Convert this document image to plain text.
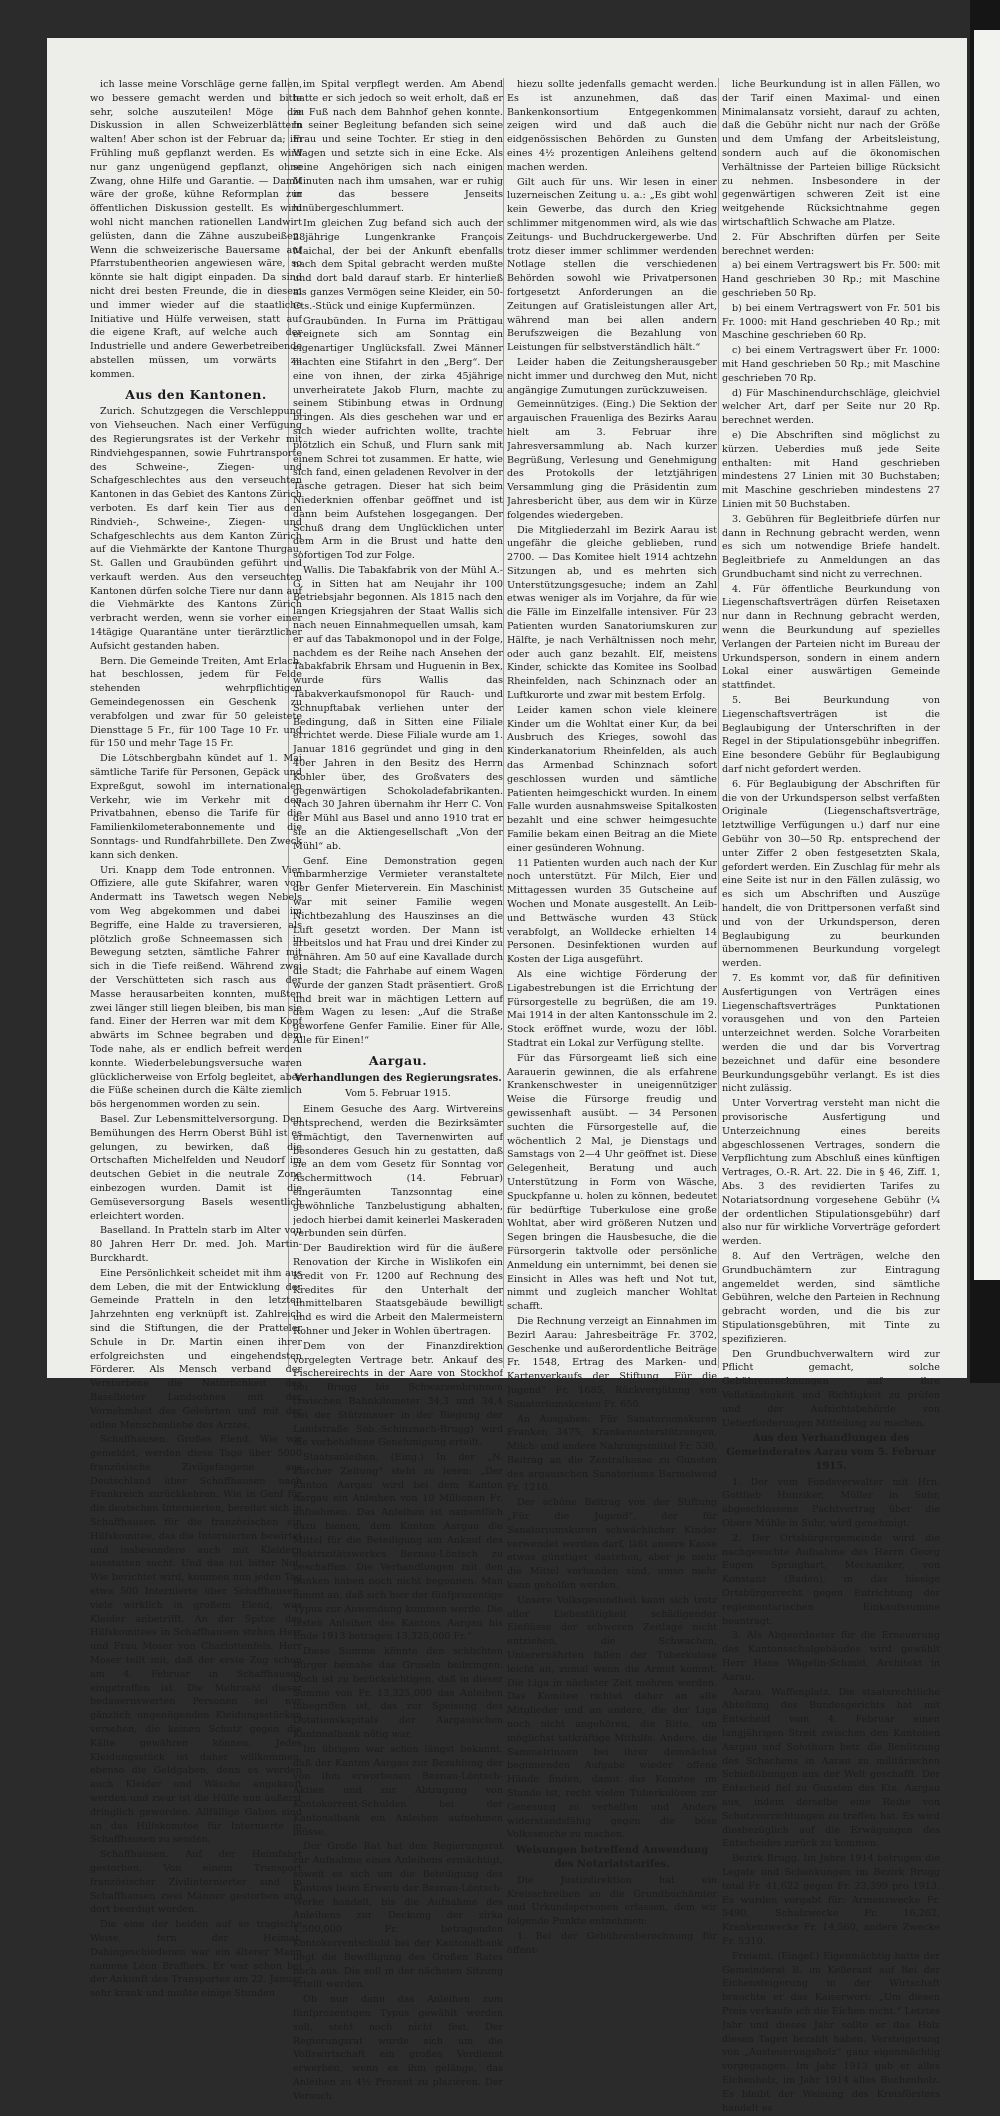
ich lasse meine Vorschläge gerne fallen, wo bessere gemacht werden und bitte sehr, solche auszuteilen! Möge die Diskussion in allen Schweizerblättern walten! Aber schon ist der Februar da; im Frühling muß gepflanzt werden. Es wird nur ganz ungenügend gepflanzt, ohne Zwang, ohne Hilfe und Garantie. — Damit wäre der große, kühne Reformplan zur öffentlichen Diskussion gestellt. Es wird wohl nicht manchen rationellen Landwirt gelüsten, dann die Zähne auszubeißen. Wenn die schweizerische Bauersame auf Pfarrstubentheorien angewiesen wäre, so könnte sie halt digipt einpaden. Da sind nicht drei besten Freunde, die in diesem und immer wieder auf die staatliche Initiative und Hülfe verweisen, statt auf die eigene Kraft, auf welche auch der Industrielle und andere Gewerbetreibende abstellen müssen, um vorwärts zu kommen.

Aus den Kantonen.

Zurich. Schutzgegen die Verschleppung von Viehseuchen. Nach einer Verfügung des Regierungsrates ist der Verkehr mit Rindviehgespannen, sowie Fuhrtransporte des Schweine-, Ziegen- und Schafgeschlechtes aus den verseuchten Kantonen in das Gebiet des Kantons Zürich verboten. Es darf kein Tier aus den Rindvieh-, Schweine-, Ziegen- und Schafgeschlechts aus dem Kanton Zürich auf die Viehmärkte der Kantone Thurgau, St. Gallen und Graubünden geführt und verkauft werden. Aus den verseuchten Kantonen dürfen solche Tiere nur dann auf die Viehmärkte des Kantons Zürich verbracht werden, wenn sie vorher einer 14tägige Quarantäne unter tierärztlicher Aufsicht gestanden haben.

Bern. Die Gemeinde Treiten, Amt Erlach, hat beschlossen, jedem für Felde stehenden wehrpflichtigen Gemeindegenossen ein Geschenk zu verabfolgen und zwar für 50 geleistete Diensttage 5 Fr., für 100 Tage 10 Fr. und für 150 und mehr Tage 15 Fr.

Die Lötschbergbahn kündet auf 1. Mai sämtliche Tarife für Personen, Gepäck und Expreßgut, sowohl im internationalen Verkehr, wie im Verkehr mit den Privatbahnen, ebenso die Tarife für die Familienkilometerabonnemente und die Sonntags- und Rundfahrbillete. Den Zweck kann sich denken.

Uri. Knapp dem Tode entronnen. Vier Offiziere, alle gute Skifahrer, waren von Andermatt ins Tawetsch wegen Nebels vom Weg abgekommen und dabei im Begriffe, eine Halde zu traversieren, als plötzlich große Schneemassen sich in Bewegung setzten, sämtliche Fahrer mit sich in die Tiefe reißend. Während zwei der Verschütteten sich rasch aus der Masse herausarbeiten konnten, mußten zwei länger still liegen bleiben, bis man sie fand. Einer der Herren war mit dem Kopf abwärts im Schnee begraben und dem Tode nahe, als er endlich befreit werden konnte. Wiederbelebungsversuche waren glücklicherweise von Erfolg begleitet, aber die Füße scheinen durch die Kälte ziemlich bös hergenommen worden zu sein.

Basel. Zur Lebensmittelversorgung. Den Bemühungen des Herrn Oberst Bühl ist es gelungen, zu bewirken, daß die Ortschaften Michelfelden und Neudorf im deutschen Gebiet in die neutrale Zone einbezogen wurden. Damit ist die Gemüseversorgung Basels wesentlich erleichtert worden.

Baselland. In Pratteln starb im Alter von 80 Jahren Herr Dr. med. Joh. Martin-Burckhardt.

Eine Persönlichkeit scheidet mit ihm aus dem Leben, die mit der Entwicklung der Gemeinde Pratteln in den letzten Jahrzehnten eng verknüpft ist. Zahlreich sind die Stiftungen, die der Pratteler Schule in Dr. Martin einen ihrer erfolgreichsten und eingehendsten Förderer. Als Mensch verband der Verstorbene die Natürlichkeit des Baselbieter Landsohnes mit der Vornehmheit des Gelehrten und mit der edlen Menschenliebe des Arztes.

Schaffhausen. Großes Elend. Wie wir gemeldet, werden diese Tage über 5000 französische Zivilgefangene aus Deutschland über Schaffhausen nach Frankreich zurückkehren. Wie in Genf für die deutschen Internierten, bereitet sich in Schaffhausen für die französischen ein Hilfskomitee, das die Internierten bewirtet und insbesondere auch mit Kleidern ausstatten sucht. Und das tut bitter Not. Wie berichtet wird, kommen nun jeden Tag etwa 500 Internierte über Schaffhausen, viele wirklich in großem Elend, was Kleider anbetrifft. An der Spitze des Hilfskomitees in Schaffhausen stehen Herr und Frau Moser von Charlottenfels. Herr Moser teilt mit, daß der erste Zug schon am 4. Februar in Schaffhausen eingetroffen ist. Die Mehrzahl dieser bedauernswerten Personen sei nur gänzlich ungenügenden Kleidungsstücken versehen, die keinen Schutz gegen die Kälte gewähren können. Jedes Kleidungsstück ist daher willkommen, ebenso die Geldgaben, denn es werden auch Kleider und Wäsche angekauft werden und zwar ist die Hülfe nun äußerst dringlich geworden. Allfällige Gaben sind an das Hilfskomitee für Internierte in Schaffhausen zu senden.

Schaffhausen. Auf der Heimfahrt gestorben. Von einem Transport französischer Zivilinternierter sind in Schaffhausen zwei Männer gestorben und dort beerdigt worden.

Die eine der beiden auf so tragische Weise, fern der Heimat, Dahingeschiedenen war ein älterer Mann namens Léon Braffiers. Er war schon bei der Ankunft des Transportes am 22. Januar sehr krank und mußte einige Stunden

im Spital verpflegt werden. Am Abend hatte er sich jedoch so weit erholt, daß er zu Fuß nach dem Bahnhof gehen konnte. In seiner Begleitung befanden sich seine Frau und seine Tochter. Er stieg in den Wagen und setzte sich in eine Ecke. Als seine Angehörigen sich nach einigen Minuten nach ihm umsahen, war er ruhig in das bessere Jenseits hinübergeschlummert.

Im gleichen Zug befand sich auch der 28jährige Lungenkranke François Maichal, der bei der Ankunft ebenfalls nach dem Spital gebracht werden mußte und dort bald darauf starb. Er hinterließ als ganzes Vermögen seine Kleider, ein 50-Cts.-Stück und einige Kupfermünzen.

Graubünden. In Furna im Prättigau ereignete sich am Sonntag ein eigenartiger Unglücksfall. Zwei Männer machten eine Stifahrt in den „Berg“. Der eine von ihnen, der zirka 45jährige unverheiratete Jakob Flurn, machte zu seinem Stibinbung etwas in Ordnung bringen. Als dies geschehen war und er sich wieder aufrichten wollte, trachte plötzlich ein Schuß, und Flurn sank mit einem Schrei tot zusammen. Er hatte, wie sich fand, einen geladenen Revolver in der Tasche getragen. Dieser hat sich beim Niederknien offenbar geöffnet und ist dann beim Aufstehen losgegangen. Der Schuß drang dem Unglücklichen unter dem Arm in die Brust und hatte den sofortigen Tod zur Folge.

Wallis. Die Tabakfabrik von der Mühl A.-G. in Sitten hat am Neujahr ihr 100 Betriebsjahr begonnen. Als 1815 nach den langen Kriegsjahren der Staat Wallis sich nach neuen Einnahmequellen umsah, kam er auf das Tabakmonopol und in der Folge, nachdem es der Reihe nach Ansehen der Tabakfabrik Ehrsam und Huguenin in Bex, wurde fürs Wallis das Tabakverkaufsmonopol für Rauch- und Schnupftabak verliehen unter der Bedingung, daß in Sitten eine Filiale errichtet werde. Diese Filiale wurde am 1. Januar 1816 gegründet und ging in den 40er Jahren in den Besitz des Herrn Kohler über, des Großvaters des gegenwärtigen Schokoladefabrikanten. Nach 30 Jahren übernahm ihr Herr C. Von der Mühl aus Basel und anno 1910 trat er sie an die Aktiengesellschaft „Von der Mühl“ ab.

Genf. Eine Demonstration gegen unbarmherzige Vermieter veranstaltete der Genfer Mieterverein. Ein Maschinist war mit seiner Familie wegen Nichtbezahlung des Hauszinses an die Luft gesetzt worden. Der Mann ist arbeitslos und hat Frau und drei Kinder zu ernähren. Am 50 auf eine Kavallade durch die Stadt; die Fahrhabe auf einem Wagen wurde der ganzen Stadt präsentiert. Groß und breit war in mächtigen Lettern auf dem Wagen zu lesen: „Auf die Straße geworfene Genfer Familie. Einer für Alle, Alle für Einen!“

Aargau.
Verhandlungen des Regierungsrates.
Vom 5. Februar 1915.

Einem Gesuche des Aarg. Wirtvereins entsprechend, werden die Bezirksämter ermächtigt, den Tavernenwirten auf besonderes Gesuch hin zu gestatten, daß sie an dem vom Gesetz für Sonntag vor Aschermittwoch (14. Februar) eingeräumten Tanzsonntag eine gewöhnliche Tanzbelustigung abhalten, jedoch hierbei damit keinerlei Maskeraden verbunden sein dürfen.

Der Baudirektion wird für die äußere Renovation der Kirche in Wislikofen ein Kredit von Fr. 1200 auf Rechnung des Kredites für den Unterhalt der unmittelbaren Staatsgebäude bewilligt und es wird die Arbeit den Malermeistern Rohner und Jeker in Wohlen übertragen.

Dem von der Finanzdirektion vorgelegten Vertrage betr. Ankauf des Fischereirechts in der Aare von Stockhof bei Brugg bis Schwarzenbrunnen (zwischen Bahnkilometer 34,3 und 34,4 bei der Stützmauer in der Biegung der Landstraße Sob.-Schinznach-Brugg) wird die vorbehaltene Genehmigung erteilt.

Staatsanleihen. (Eing.) In der „N. Zürcher Zeitung“ steht zu lesen: „Der Kanton Aargau wird bei dem Kanton Aargau ein Anleihen von 10 Millionen Fr. aufnehmen. Das Anleihen ist namentlich dazu bienen, dem Kanton Aargau die Mittel für die Beteiligung am Ankauf des elektrizitätswerkes Beznau-Löntsch zu beschaffen. Die Verhandlungen mit den Banken haben noch nicht begonnen. Man nimmt an, daß sich hier der fünfprozentige Typus zur Anwendung kommen werde. Die festen Anleihen des Kantons Aargau bis Ende 1913 betragen 13,325,000 Fr.“

Diese Summe könnte den schlichten Bürger beinahe das Gruseln beibringen. Doch ist zu berücksichtigen, daß in dieser Summe von Fr. 13,325,000 das Anleihen inbegriffen ist, das zur Speisung des Dotationskapitals der Aargauischen Kantonalbank nötig war.

Im übrigen war schon längst bekannt, daß der Kanton Aargau zur Bezahlung der von ihm erworbenen Beznau-Löntsch-Aktien und zur Abtragung von Kontokorrent-Schulden bei der Kantonalbank ein Anleihen aufnehmen müsse.

Der Große Rat hat den Regierungsrat zur Aufnahme eines Anleihens ermächtigt, soweit es sich um die Beteiligung des Kantons beim Erwerb der Beznau-Löntsch-Werke handelt, bis die Aufnahme des Anleihens zur Deckung der zirka 1,500,000 Fr. betragenden Kontokorrentschuld bei der Kantonalbank liegt die Bewilligung des Großen Rates noch aus. Die soll in der nächsten Sitzung erteilt werden.

Ob nun dann das Anleihen zum fünfprozentigen Typus gewählt werden soll, steht noch nicht fest. Der Regierungsrat wurde sich um die Vollswirtschaft ein großes Verdienst erwerben, wenn es ihm gelänge, das Anleihen zu 4½ Prozent zu plazieren. Der Versuch

hiezu sollte jedenfalls gemacht werden. Es ist anzunehmen, daß das Bankenkonsortium Entgegenkommen zeigen wird und daß auch die eidgenössischen Behörden zu Gunsten eines 4½ prozentigen Anleihens geltend machen werden.

Gilt auch für uns. Wir lesen in einer luzerneischen Zeitung u. a.: „Es gibt wohl kein Gewerbe, das durch den Krieg schlimmer mitgenommen wird, als wie das Zeitungs- und Buchdruckergewerbe. Und trotz dieser immer schlimmer werdenden Notlage stellen die verschiedenen Behörden sowohl wie Privatpersonen fortgesetzt Anforderungen an die Zeitungen auf Gratisleistungen aller Art, während man bei allen andern Berufszweigen die Bezahlung von Leistungen für selbstverständlich hält.“

Leider haben die Zeitungsherausgeber nicht immer und durchweg den Mut, nicht angängige Zumutungen zurückzuweisen.

Gemeinnütziges. (Eing.) Die Sektion der argauischen Frauenliga des Bezirks Aarau hielt am 3. Februar ihre Jahresversammlung ab. Nach kurzer Begrüßung, Verlesung und Genehmigung des Protokolls der letztjährigen Versammlung ging die Präsidentin zum Jahresbericht über, aus dem wir in Kürze folgendes wiedergeben.

Die Mitgliederzahl im Bezirk Aarau ist ungefähr die gleiche geblieben, rund 2700. — Das Komitee hielt 1914 achtzehn Sitzungen ab, und es mehrten sich Unterstützungsgesuche; indem an Zahl etwas weniger als im Vorjahre, da für wie die Fälle im Einzelfalle intensiver. Für 23 Patienten wurden Sanatoriumskuren zur Hälfte, je nach Verhältnissen noch mehr, oder auch ganz bezahlt. Elf, meistens Kinder, schickte das Komitee ins Soolbad Rheinfelden, nach Schinznach oder an Luftkurorte und zwar mit bestem Erfolg.

Leider kamen schon viele kleinere Kinder um die Wohltat einer Kur, da bei Ausbruch des Krieges, sowohl das Kinderkanatorium Rheinfelden, als auch das Armenbad Schinznach sofort geschlossen wurden und sämtliche Patienten heimgeschickt wurden. In einem Falle wurden ausnahmsweise Spitalkosten bezahlt und eine schwer heimgesuchte Familie bekam einen Beitrag an die Miete einer gesünderen Wohnung.

11 Patienten wurden auch nach der Kur noch unterstützt. Für Milch, Eier und Mittagessen wurden 35 Gutscheine auf Wochen und Monate ausgestellt. An Leib- und Bettwäsche wurden 43 Stück verabfolgt, an Wolldecke erhielten 14 Personen. Desinfektionen wurden auf Kosten der Liga ausgeführt.

Als eine wichtige Förderung der Ligabestrebungen ist die Errichtung der Fürsorgestelle zu begrüßen, die am 19. Mai 1914 in der alten Kantonsschule im 2. Stock eröffnet wurde, wozu der löbl. Stadtrat ein Lokal zur Verfügung stellte.

Für das Fürsorgeamt ließ sich eine Aarauerin gewinnen, die als erfahrene Krankenschwester in uneigennütziger Weise die Fürsorge freudig und gewissenhaft ausübt. — 34 Personen suchten die Fürsorgestelle auf, die wöchentlich 2 Mal, je Dienstags und Samstags von 2—4 Uhr geöffnet ist. Diese Gelegenheit, Beratung und auch Unterstützung in Form von Wäsche, Spuckpfanne u. holen zu können, bedeutet für bedürftige Tuberkulose eine große Wohltat, aber wird größeren Nutzen und Segen bringen die Hausbesuche, die die Fürsorgerin taktvolle oder persönliche Anmeldung ein unternimmt, bei denen sie Einsicht in Alles was heft und Not tut, nimmt und zugleich mancher Wohltat schafft.

Die Rechnung verzeigt an Einnahmen im Bezirl Aarau: Jahresbeiträge Fr. 3702, Geschenke und außerordentliche Beiträge Fr. 1548, Ertrag des Marken- und Kartenverkaufs der Stiftung „Für die Jugend“ Fr. 1685, Rückvergütung von Sanatoriumskosten Fr. 650.

An Ausgaben: Für Sanatoriumskuren Franken 3475, Krankenunterstützungen, Milch- und andere Nahrungsmittel Fr. 530, Beitrag an die Zentralkasse zu Gunsten des argauischen Sanatoriums Barmelweid Fr. 1210.

Der schöne Beitrag von der Stiftung „Für die Jugend“, der für Sanatoriumskuren schwächlicher Kinder verwendet werden darf, läßt unsere Kasse etwas günstiger dastehen, aber je mehr die Mittel vorhanden sind, umso mehr kann geholfen werden.

Unsere Volksgesundheit kann sich trotz aller Liebestätigkeit schädigender Einflüsse der schweren Zeitlage nicht entziehen, die Schwachen, Unterernährten fallen der Tuberkulose leicht an, zumal wenn die Armut kommt. Die Liga in nächster Zeit mehren werden. Das Komitee richtet daher an alle Mitglieder und an andere, die der Liga noch nicht angehören, die Bitte, um möglichst tatkräftige Mithilfe. Andere, die Sammelrinnen bei ihrer demnächst beginnenden Aufgabe wieder offene Hände finden, damit das Komitee im Stande ist, recht vielen Tuberkulösen zur Genesung zu verhelfen und Andere widerstandsfähig gegen die böse Volksseuche zu machen.

Weisungen betreffend Anwendung des Notariatstarifes.

Die Justizdirektion hat ein Kreisschreiben an die Grundbuchämter und Urkundspersonen erlassen, dem wir folgende Punkte entnehmen:

1. Bei der Gebührenberechnung für öffent-

liche Beurkundung ist in allen Fällen, wo der Tarif einen Maximal- und einen Minimalansatz vorsieht, darauf zu achten, daß die Gebühr nicht nur nach der Größe und dem Umfang der Arbeitsleistung, sondern auch auf die ökonomischen Verhältnisse der Parteien billige Rücksicht zu nehmen. Insbesondere in der gegenwärtigen schweren Zeit ist eine weitgehende Rücksichtnahme gegen wirtschaftlich Schwache am Platze.

2. Für Abschriften dürfen per Seite berechnet werden:

a) bei einem Vertragswert bis Fr. 500: mit Hand geschrieben 30 Rp.; mit Maschine geschrieben 50 Rp.

b) bei einem Vertragswert von Fr. 501 bis Fr. 1000: mit Hand geschrieben 40 Rp.; mit Maschine geschrieben 60 Rp.

c) bei einem Vertragswert über Fr. 1000: mit Hand geschrieben 50 Rp.; mit Maschine geschrieben 70 Rp.

d) Für Maschinendurchschläge, gleichviel welcher Art, darf per Seite nur 20 Rp. berechnet werden.

e) Die Abschriften sind möglichst zu kürzen. Ueberdies muß jede Seite enthalten: mit Hand geschrieben mindestens 27 Linien mit 30 Buchstaben; mit Maschine geschrieben mindestens 27 Linien mit 50 Buchstaben.

3. Gebühren für Begleitbriefe dürfen nur dann in Rechnung gebracht werden, wenn es sich um notwendige Briefe handelt. Begleitbriefe zu Anmeldungen an das Grundbuchamt sind nicht zu verrechnen.

4. Für öffentliche Beurkundung von Liegenschaftsverträgen dürfen Reisetaxen nur dann in Rechnung gebracht werden, wenn die Beurkundung auf spezielles Verlangen der Parteien nicht im Bureau der Urkundsperson, sondern in einem andern Lokal einer auswärtigen Gemeinde stattfindet.

5. Bei Beurkundung von Liegenschaftsverträgen ist die Beglaubigung der Unterschriften in der Regel in der Stipulationsgebühr inbegriffen. Eine besondere Gebühr für Beglaubigung darf nicht gefordert werden.

6. Für Beglaubigung der Abschriften für die von der Urkundsperson selbst verfaßten Originale (Liegenschaftsverträge, letztwillige Verfügungen u.) darf nur eine Gebühr von 30—50 Rp. entsprechend der unter Ziffer 2 oben festgesetzten Skala, gefordert werden. Ein Zuschlag für mehr als eine Seite ist nur in den Fällen zulässig, wo es sich um Abschriften und Auszüge handelt, die von Drittpersonen verfaßt sind und von der Urkundsperson, deren Beglaubigung zu beurkunden übernommenen Beurkundung vorgelegt werden.

7. Es kommt vor, daß für definitiven Ausfertigungen von Verträgen eines Liegenschaftsverträges Punktationen vorausgehen und von den Parteien unterzeichnet werden. Solche Vorarbeiten werden die und dar bis Vorvertrag bezeichnet und dafür eine besondere Beurkundungsgebühr verlangt. Es ist dies nicht zulässig.

Unter Vorvertrag versteht man nicht die provisorische Ausfertigung und Unterzeichnung eines bereits abgeschlossenen Vertrages, sondern die Verpflichtung zum Abschluß eines künftigen Vertrages, O.-R. Art. 22. Die in § 46, Ziff. 1, Abs. 3 des revidierten Tarifes zu Notariatsordnung vorgesehene Gebühr (¼ der ordentlichen Stipulationsgebühr) darf also nur für wirkliche Vorverträge gefordert werden.

8. Auf den Verträgen, welche den Grundbuchämtern zur Eintragung angemeldet werden, sind sämtliche Gebühren, welche den Parteien in Rechnung gebracht worden, und die bis zur Stipulationsgebühren, mit Tinte zu spezifizieren.

Den Grundbuchverwaltern wird zur Pflicht gemacht, solche Gebührenrechnungen auf ihre Vollständigkeit und Richtigkeit zu prüfen und der Aufsichtsbehörde von Ueberforderungen Mitteilung zu machen.

Aus den Verhandlungen des Gemeinderates Aarau vom 5. Februar 1915.

1. Der vom Fondsverwalter mit Hrn. Gottlieb Hunziker, Müller in Suhr, abgeschlossene Pachtvertrag über die Obere Mühle in Suhr, wird genehmigt.

2. Der Ortsbürgergemeinde wird die nachgesuchte Aufnahme des Herrn Georg Eugen Springhart, Mechaniker, von Konstanz (Baden), in das hiesige Ortsbürgerrecht gegen Entrichtung der reglementarischen Einkaufssumme beantragt.

3. Als Abgeordneter für die Erneuerung des Kantonsschulgebäudes wird gewählt Herr Hans Wägelin-Schmid, Architekt in Aarau.

Aarau. Waffenplatz. Die staatsrechtliche Abteilung des Bundesgerichts hat mit Entscheid vom 4. Februar einen langjährigen Streit zwischen den Kantonen Aargau und Solothurn betr. die Benützung des Schachens in Aarau zu militärischen Schießübungen aus der Welt geschafft. Der Entscheid fiel zu Gunsten des Kts. Aargau aus, indem derselbe eine Reihe von Schutzvorrichtungen zu treffen hat. Es wird diesbezüglich auf die Erwägungen des Entscheides zurück zu kommen.

Bezirk Brugg. Im Jahre 1914 betrugen die Legate und Schenkungen im Bezirk Brugg total Fr. 41,622 gegen Fr. 23,399 pro 1913. Es wurden vergabt für: Armenzwecke Fr. 5490, Schulzwecke Fr. 16,262, Krankenzwecke Fr. 14,560, andere Zwecke Fr. 5310.

Freiamt. (Eingef.) Eigenmächtig hatte der Gemeinderat B. im Kellerant auf Bei der Eichensteigerung in der Wirtschaft brauchte er das Kaiserwort: „Um diesen Preis verkaufe ich die Eichen nicht.“ Letztes Jahr und dieses Jahr sollte er das Holz diesen Tagen bezahlt haben. Versteigerung von „Austeuerungsholz“ ganz eigenmächtig vorgegangen. Im Jahr 1913 gab er alles Eichenholz, im Jahr 1914 alles Buchenholz. Es bleibt der Weisung des Kreisförsters handelt es
